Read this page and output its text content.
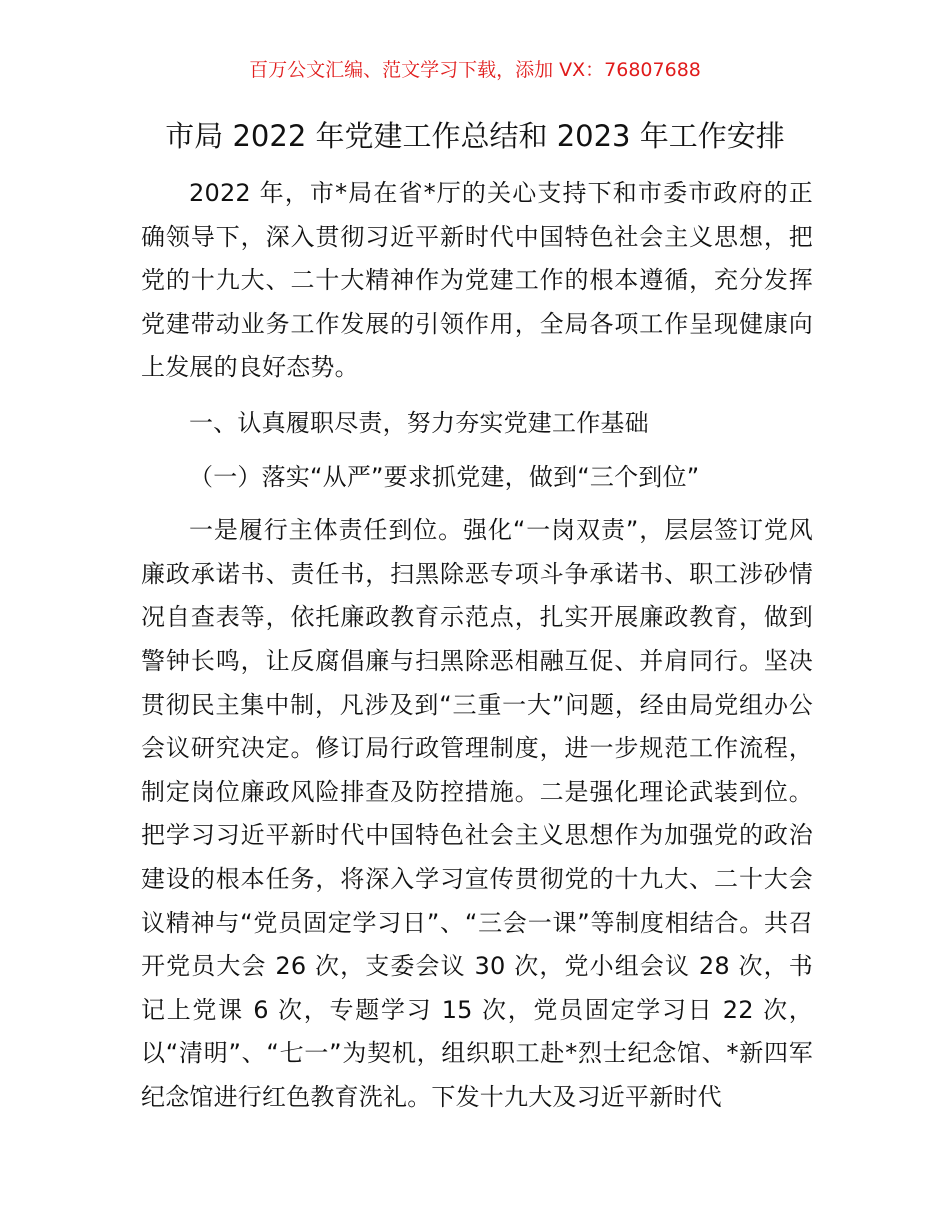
百万公文汇编、范文学习下载，添加 VX：76807688
市局 2022 年党建工作总结和 2023 年工作安排

2022 年，市*局在省*厅的关心支持下和市委市政府的正确领导下，深入贯彻习近平新时代中国特色社会主义思想，把党的十九大、二十大精神作为党建工作的根本遵循，充分发挥党建带动业务工作发展的引领作用，全局各项工作呈现健康向上发展的良好态势。

一、认真履职尽责，努力夯实党建工作基础

（一）落实“从严”要求抓党建，做到“三个到位”

一是履行主体责任到位。强化“一岗双责”，层层签订党风廉政承诺书、责任书，扫黑除恶专项斗争承诺书、职工涉砂情况自查表等，依托廉政教育示范点，扎实开展廉政教育，做到警钟长鸣，让反腐倡廉与扫黑除恶相融互促、并肩同行。坚决贯彻民主集中制，凡涉及到“三重一大”问题，经由局党组办公会议研究决定。修订局行政管理制度，进一步规范工作流程，制定岗位廉政风险排查及防控措施。二是强化理论武装到位。把学习习近平新时代中国特色社会主义思想作为加强党的政治建设的根本任务，将深入学习宣传贯彻党的十九大、二十大会议精神与“党员固定学习日”、“三会一课”等制度相结合。共召开党员大会 26 次，支委会议 30 次，党小组会议 28 次，书记上党课 6 次，专题学习 15 次，党员固定学习日 22 次，以“清明”、“七一”为契机，组织职工赴*烈士纪念馆、*新四军纪念馆进行红色教育洗礼。下发十九大及习近平新时代
